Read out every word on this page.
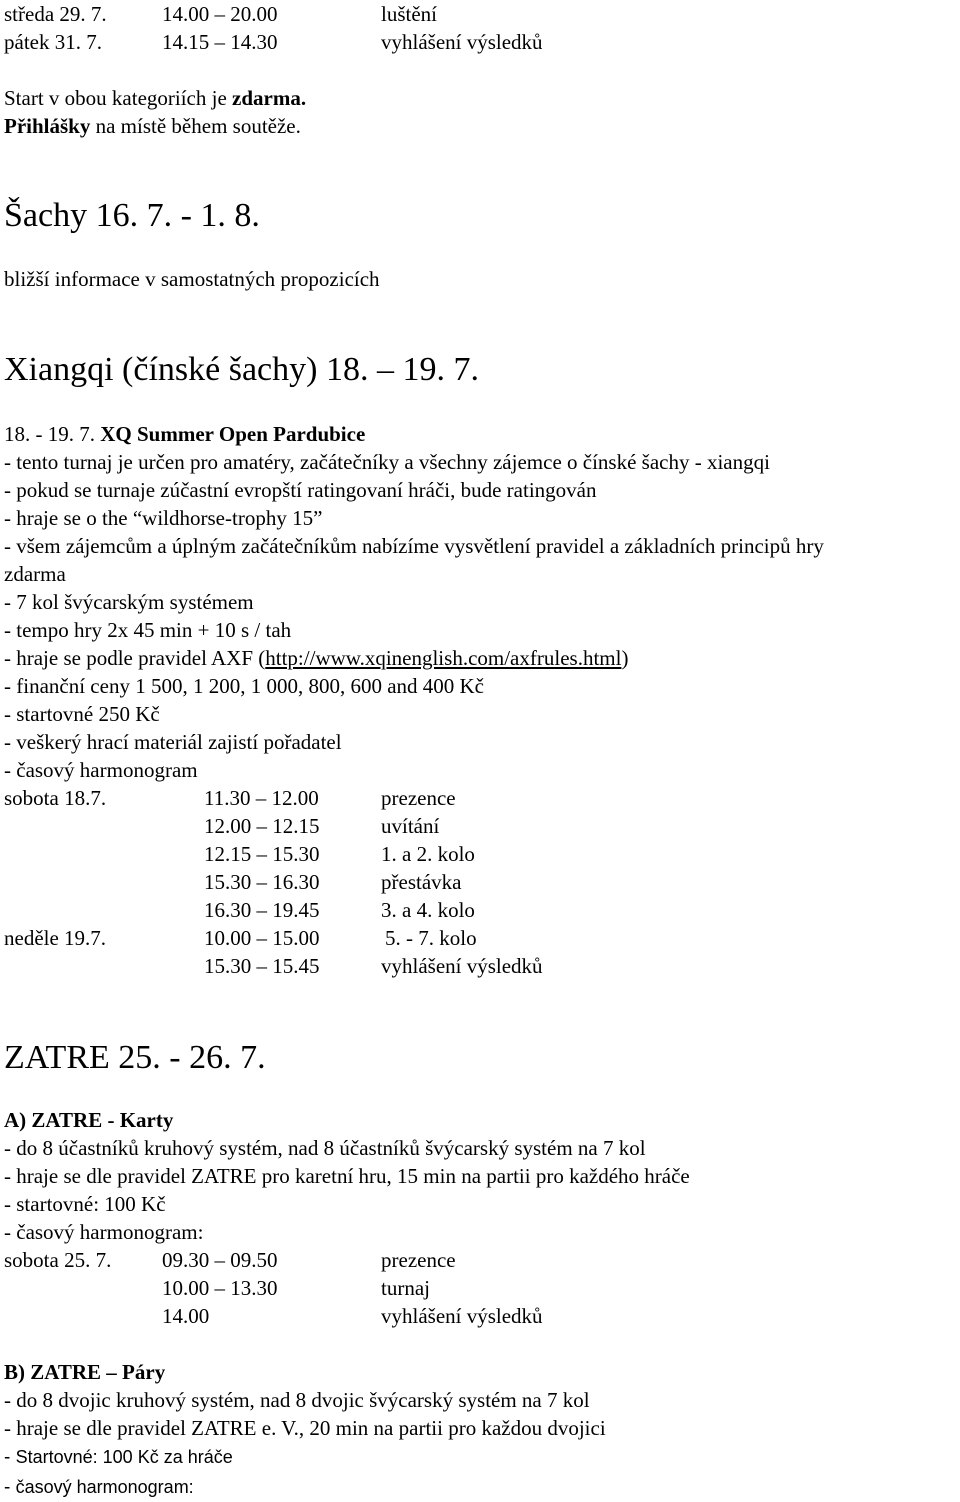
středa 29. 7.	14.00 – 20.00	luštění
pátek 31. 7.	14.15 – 14.30	vyhlášení výsledků
Start v obou kategoriích je zdarma.
Přihlášky na místě během soutěže.
Šachy 16. 7. - 1. 8.
bližší informace v samostatných propozicích
Xiangqi (čínské šachy) 18. – 19. 7.
18. - 19. 7. XQ Summer Open Pardubice
- tento turnaj je určen pro amatéry, začátečníky a všechny zájemce o čínské šachy - xiangqi
- pokud se turnaje zúčastní evropští ratingovaní hráči, bude ratingován
- hraje se o the “wildhorse-trophy 15”
- všem zájemcům a úplným začátečníkům nabízíme vysvětlení pravidel a základních principů hry
zdarma
- 7 kol švýcarským systémem
- tempo hry 2x 45 min + 10 s / tah
- hraje se podle pravidel AXF (http://www.xqinenglish.com/axfrules.html)
- finanční ceny 1 500, 1 200, 1 000, 800, 600 and 400 Kč
- startovné 250 Kč
- veškerý hrací materiál zajistí pořadatel
- časový harmonogram
sobota 18.7.	11.30 – 12.00	prezence
12.00 – 12.15	uvítání
12.15 – 15.30	1. a 2. kolo
15.30 – 16.30	přestávka
16.30 – 19.45	3. a 4. kolo
neděle 19.7.	10.00 – 15.00	5. - 7. kolo
15.30 – 15.45	vyhlášení výsledků
ZATRE 25. - 26. 7.
A) ZATRE - Karty
- do 8 účastníků kruhový systém, nad 8 účastníků švýcarský systém na 7 kol
- hraje se dle pravidel ZATRE pro karetní hru, 15 min na partii pro každého hráče
- startovné: 100 Kč
- časový harmonogram:
sobota 25. 7. 09.30 – 09.50	prezence
10.00 – 13.30	turnaj
14.00	vyhlášení výsledků
B) ZATRE – Páry
- do 8 dvojic kruhový systém, nad 8 dvojic švýcarský systém na 7 kol
- hraje se dle pravidel ZATRE e. V., 20 min na partii pro každou dvojici
- Startovné: 100 Kč za hráče
- časový harmonogram:
